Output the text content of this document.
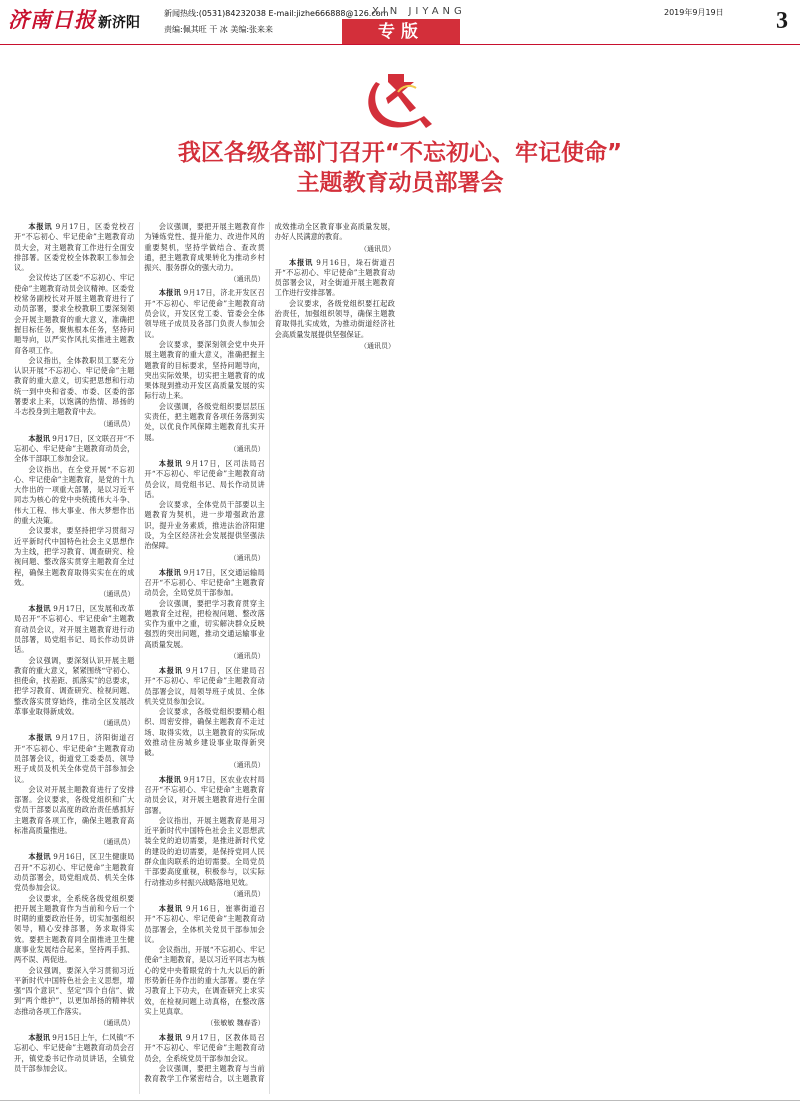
济南日报 新济阳
新闻热线:(0531)84232038 E-mail:jizhe666888@126.com
责编:佩其旺 干 冰 美编:张来来
XIN JIYANG	2019年9月19日	3
专版
我区各级各部门召开“不忘初心、牢记使命”
主题教育动员部署会

本报讯 9月17日，区委党校召开“不忘初心、牢记使命”主题教育动员大会，对主题教育工作进行全面安排部署。区委党校全体教职工参加会议。

会议传达了区委“不忘初心、牢记使命”主题教育动员会议精神。区委党校常务副校长对开展主题教育进行了动员部署，要求全校教职工要深刻领会开展主题教育的重大意义，准确把握目标任务，聚焦根本任务，坚持问题导向，以严实作风扎实推进主题教育各项工作。

会议指出，全体教职员工要充分认识开展“不忘初心、牢记使命”主题教育的重大意义，切实把思想和行动统一到中央和省委、市委、区委的部署要求上来，以饱满的热情、昂扬的斗志投身到主题教育中去。

（通讯员）

本报讯 9月17日，区文联召开“不忘初心、牢记使命”主题教育动员会，全体干部职工参加会议。

会议指出，在全党开展“不忘初心、牢记使命”主题教育，是党的十九大作出的一项重大部署，是以习近平同志为核心的党中央统揽伟大斗争、伟大工程、伟大事业、伟大梦想作出的重大决策。

会议要求，要坚持把学习贯彻习近平新时代中国特色社会主义思想作为主线，把学习教育、调查研究、检视问题、整改落实贯穿主题教育全过程，确保主题教育取得实实在在的成效。

（通讯员）

本报讯 9月17日，区发展和改革局召开“不忘初心、牢记使命”主题教育动员会议，对开展主题教育进行动员部署，局党组书记、局长作动员讲话。

会议强调，要深刻认识开展主题教育的重大意义，紧紧围绕“守初心、担使命，找差距、抓落实”的总要求，把学习教育、调查研究、检视问题、整改落实贯穿始终，推动全区发展改革事业取得新成效。

（通讯员）

本报讯 9月17日，济阳街道召开“不忘初心、牢记使命”主题教育动员部署会议，街道党工委委员、领导班子成员及机关全体党员干部参加会议。

会议对开展主题教育进行了安排部署。会议要求，各级党组织和广大党员干部要以高度的政治责任感抓好主题教育各项工作，确保主题教育高标准高质量推进。

（通讯员）

本报讯 9月16日，区卫生健康局召开“不忘初心、牢记使命”主题教育动员部署会，局党组成员、机关全体党员参加会议。

会议要求，全系统各级党组织要把开展主题教育作为当前和今后一个时期的重要政治任务，切实加强组织领导，精心安排部署，务求取得实效。要把主题教育同全面推进卫生健康事业发展结合起来，坚持两手抓、两不误、两促进。

会议强调，要深入学习贯彻习近平新时代中国特色社会主义思想，增强“四个意识”、坚定“四个自信”、做到“两个维护”，以更加昂扬的精神状态推动各项工作落实。

（通讯员）

本报讯 9月15日上午，仁风镇“不忘初心、牢记使命”主题教育动员会召开，镇党委书记作动员讲话，全镇党员干部参加会议。

会议强调，要把开展主题教育作为锤炼党性、提升能力、改进作风的重要契机，坚持学做结合、查改贯通，把主题教育成果转化为推动乡村振兴、服务群众的强大动力。

（通讯员）

本报讯 9月17日，济北开发区召开“不忘初心、牢记使命”主题教育动员会议，开发区党工委、管委会全体领导班子成员及各部门负责人参加会议。

会议要求，要深刻领会党中央开展主题教育的重大意义，准确把握主题教育的目标要求，坚持问题导向，突出实际效果，切实把主题教育的成果体现到推动开发区高质量发展的实际行动上来。

会议强调，各级党组织要层层压实责任，把主题教育各项任务落到实处，以优良作风保障主题教育扎实开展。

（通讯员）

本报讯 9月17日，区司法局召开“不忘初心、牢记使命”主题教育动员会议，局党组书记、局长作动员讲话。

会议要求，全体党员干部要以主题教育为契机，进一步增强政治意识，提升业务素质，推进法治济阳建设，为全区经济社会发展提供坚强法治保障。

（通讯员）

本报讯 9月17日，区交通运输局召开“不忘初心、牢记使命”主题教育动员会，全局党员干部参加。

会议强调，要把学习教育贯穿主题教育全过程，把检视问题、整改落实作为重中之重，切实解决群众反映强烈的突出问题，推动交通运输事业高质量发展。

（通讯员）

本报讯 9月17日，区住建局召开“不忘初心、牢记使命”主题教育动员部署会议，局领导班子成员、全体机关党员参加会议。

会议要求，各级党组织要精心组织、周密安排，确保主题教育不走过场、取得实效，以主题教育的实际成效推动住房城乡建设事业取得新突破。

（通讯员）

本报讯 9月17日，区农业农村局召开“不忘初心、牢记使命”主题教育动员会议，对开展主题教育进行全面部署。

会议指出，开展主题教育是用习近平新时代中国特色社会主义思想武装全党的迫切需要，是推进新时代党的建设的迫切需要，是保持党同人民群众血肉联系的迫切需要。全局党员干部要高度重视，积极参与，以实际行动推动乡村振兴战略落地见效。

（通讯员）

本报讯 9月16日，崔寨街道召开“不忘初心、牢记使命”主题教育动员部署会，全体机关党员干部参加会议。

会议指出，开展“不忘初心、牢记使命”主题教育，是以习近平同志为核心的党中央着眼党的十九大以后的新形势新任务作出的重大部署。要在学习教育上下功夫，在调查研究上求实效，在检视问题上动真格，在整改落实上见真章。

（张敏敏 魏春香）

本报讯 9月17日，区教体局召开“不忘初心、牢记使命”主题教育动员会，全系统党员干部参加会议。

会议强调，要把主题教育与当前教育教学工作紧密结合，以主题教育成效推动全区教育事业高质量发展，办好人民满意的教育。

（通讯员）

本报讯 9月16日，垛石街道召开“不忘初心、牢记使命”主题教育动员部署会议，对全街道开展主题教育工作进行安排部署。

会议要求，各级党组织要扛起政治责任，加强组织领导，确保主题教育取得扎实成效，为推动街道经济社会高质量发展提供坚强保证。

（通讯员）
